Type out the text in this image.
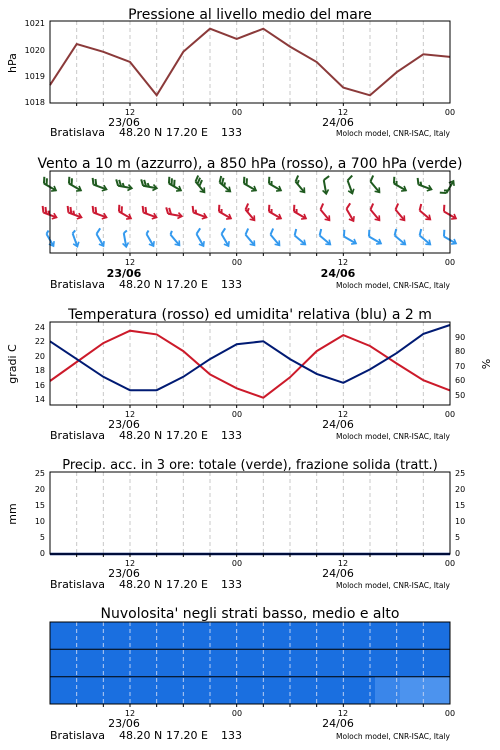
Pressione al livello medio del mare
hPa
1021
1020
1019
1018
12	00	12	00
23/06	24/06
Bratislava 48.20 N 17.20 E 133	Moloch model, CNR-ISAC, Italy
Vento a 10 m (azzurro), a 850 hPa (rosso), a 700 hPa (verde)
12	00	12	00
23/06	24/06
Bratislava 48.20 N 17.20 E 133	Moloch model, CNR-ISAC, Italy
Temperatura (rosso) ed umidita' relativa (blu) a 2 m
gradi C	%
24
22
20
18
16
14
90
80
70
60
50
12	00	12	00
23/06	24/06
Bratislava 48.20 N 17.20 E 133	Moloch model, CNR-ISAC, Italy
Precip. acc. in 3 ore: totale (verde), frazione solida (tratt.)
mm
25
20
15
10
5
0
25
20
15
10
5
0
12	00	12	00
23/06	24/06
Bratislava 48.20 N 17.20 E 133	Moloch model, CNR-ISAC, Italy
Nuvolosita' negli strati basso, medio e alto
12	00	12	00
23/06	24/06
Bratislava 48.20 N 17.20 E 133	Moloch model, CNR-ISAC, Italy
